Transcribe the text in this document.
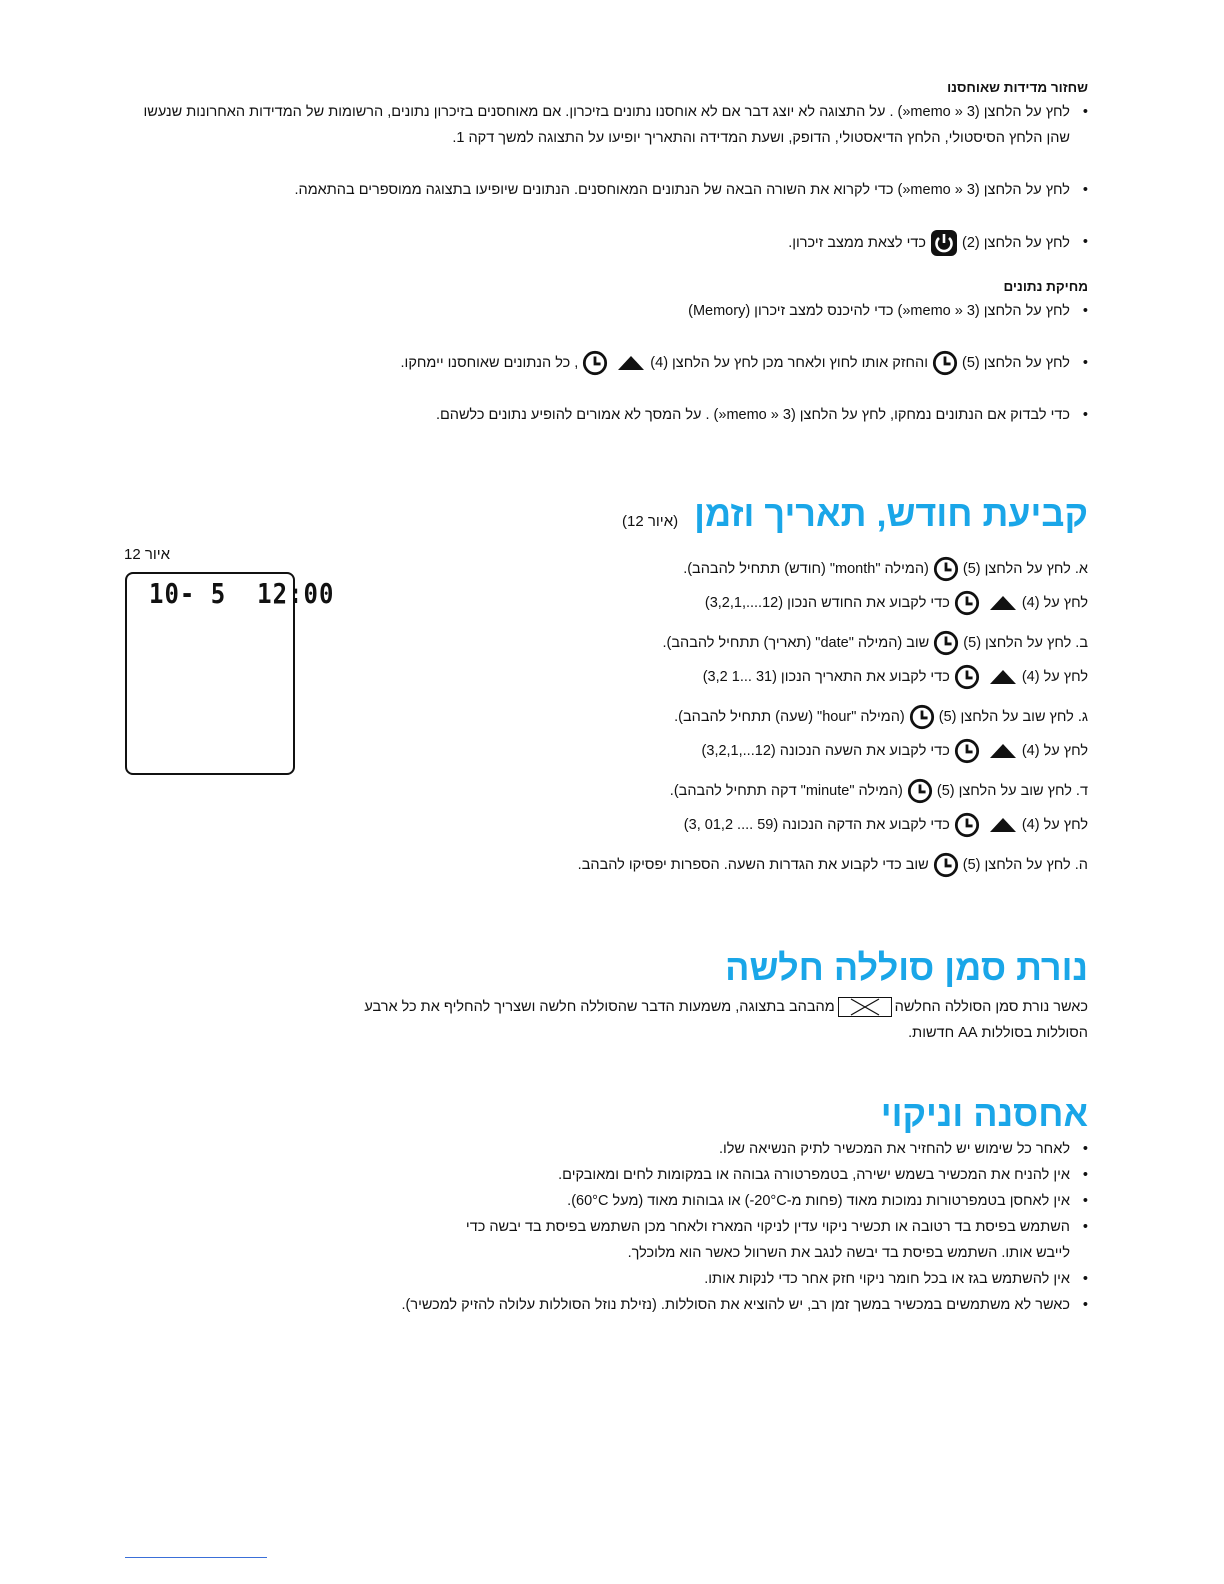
שחזור מדידות שאוחסנו

• לחץ על הלחצן (3 « memo«) . על התצוגה לא יוצג דבר אם לא אוחסנו נתונים בזיכרון. אם מאוחסנים בזיכרון נתונים, הרשומות של המדידות האחרונות שנעשו
שהן הלחץ הסיסטולי, הלחץ הדיאסטולי, הדופק, ושעת המדידה והתאריך יופיעו על התצוגה למשך דקה 1.

• לחץ על הלחצן (3 « memo«) כדי לקרוא את השורה הבאה של הנתונים המאוחסנים. הנתונים שיופיעו בתצוגה ממוספרים בהתאמה.

• לחץ על הלחצן (2)כדי לצאת ממצב זיכרון.

מחיקת נתונים

• לחץ על הלחצן (3 « memo«) כדי להיכנס למצב זיכרון (Memory)

• לחץ על הלחצן (5)והחזק אותו לחוץ ולאחר מכן לחץ על הלחצן (4), כל הנתונים שאוחסנו יימחקו.

• כדי לבדוק אם הנתונים נמחקו, לחץ על הלחצן (3 « memo«) . על המסך לא אמורים להופיע נתונים כלשהם.

קביעת חודש, תאריך וזמן (איור 12)

א. לחץ על הלחצן (5)(המילה "month" (חודש) תתחיל להבהב).

לחץ על (4)כדי לקבוע את החודש הנכון (12....,3,2,1)

ב. לחץ על הלחצן (5)שוב (המילה "date" (תאריך) תתחיל להבהב).

לחץ על (4)כדי לקבוע את התאריך הנכון (31 ...1 3,2)

ג. לחץ שוב על הלחצן (5)(המילה "hour" (שעה) תתחיל להבהב).

לחץ על (4)כדי לקבוע את השעה הנכונה (12...,3,2,1)

ד. לחץ שוב על הלחצן (5)(המילה "minute" דקה תתחיל להבהב).

לחץ על (4)כדי לקבוע את הדקה הנכונה (59 .... 01,2 ,3)

ה. לחץ על הלחצן (5)שוב כדי לקבוע את הגדרות השעה. הספרות יפסיקו להבהב.

נורת סמן סוללה חלשה

כאשר נורת סמן הסוללה החלשה
מהבהב בתצוגה, משמעות הדבר שהסוללה חלשה ושצריך להחליף את כל ארבע

הסוללות בסוללות AA חדשות.

אחסנה וניקוי

• לאחר כל שימוש יש להחזיר את המכשיר לתיק הנשיאה שלו.

• אין להניח את המכשיר בשמש ישירה, בטמפרטורה גבוהה או במקומות לחים ומאובקים.

• אין לאחסן בטמפרטורות נמוכות מאוד (פחות מ-20°C-) או גבוהות מאוד (מעל 60°C).

• השתמש בפיסת בד רטובה או תכשיר ניקוי עדין לניקוי המארז ולאחר מכן השתמש בפיסת בד יבשה כדי
לייבש אותו. השתמש בפיסת בד יבשה לנגב את השרוול כאשר הוא מלוכלך.

• אין להשתמש בגז או בכל חומר ניקוי חזק אחר כדי לנקות אותו.

• כאשר לא משתמשים במכשיר במשך זמן רב, יש להוציא את הסוללות. (נזילת נוזל הסוללות עלולה להזיק למכשיר).

איור 12
10- 5  12:00
